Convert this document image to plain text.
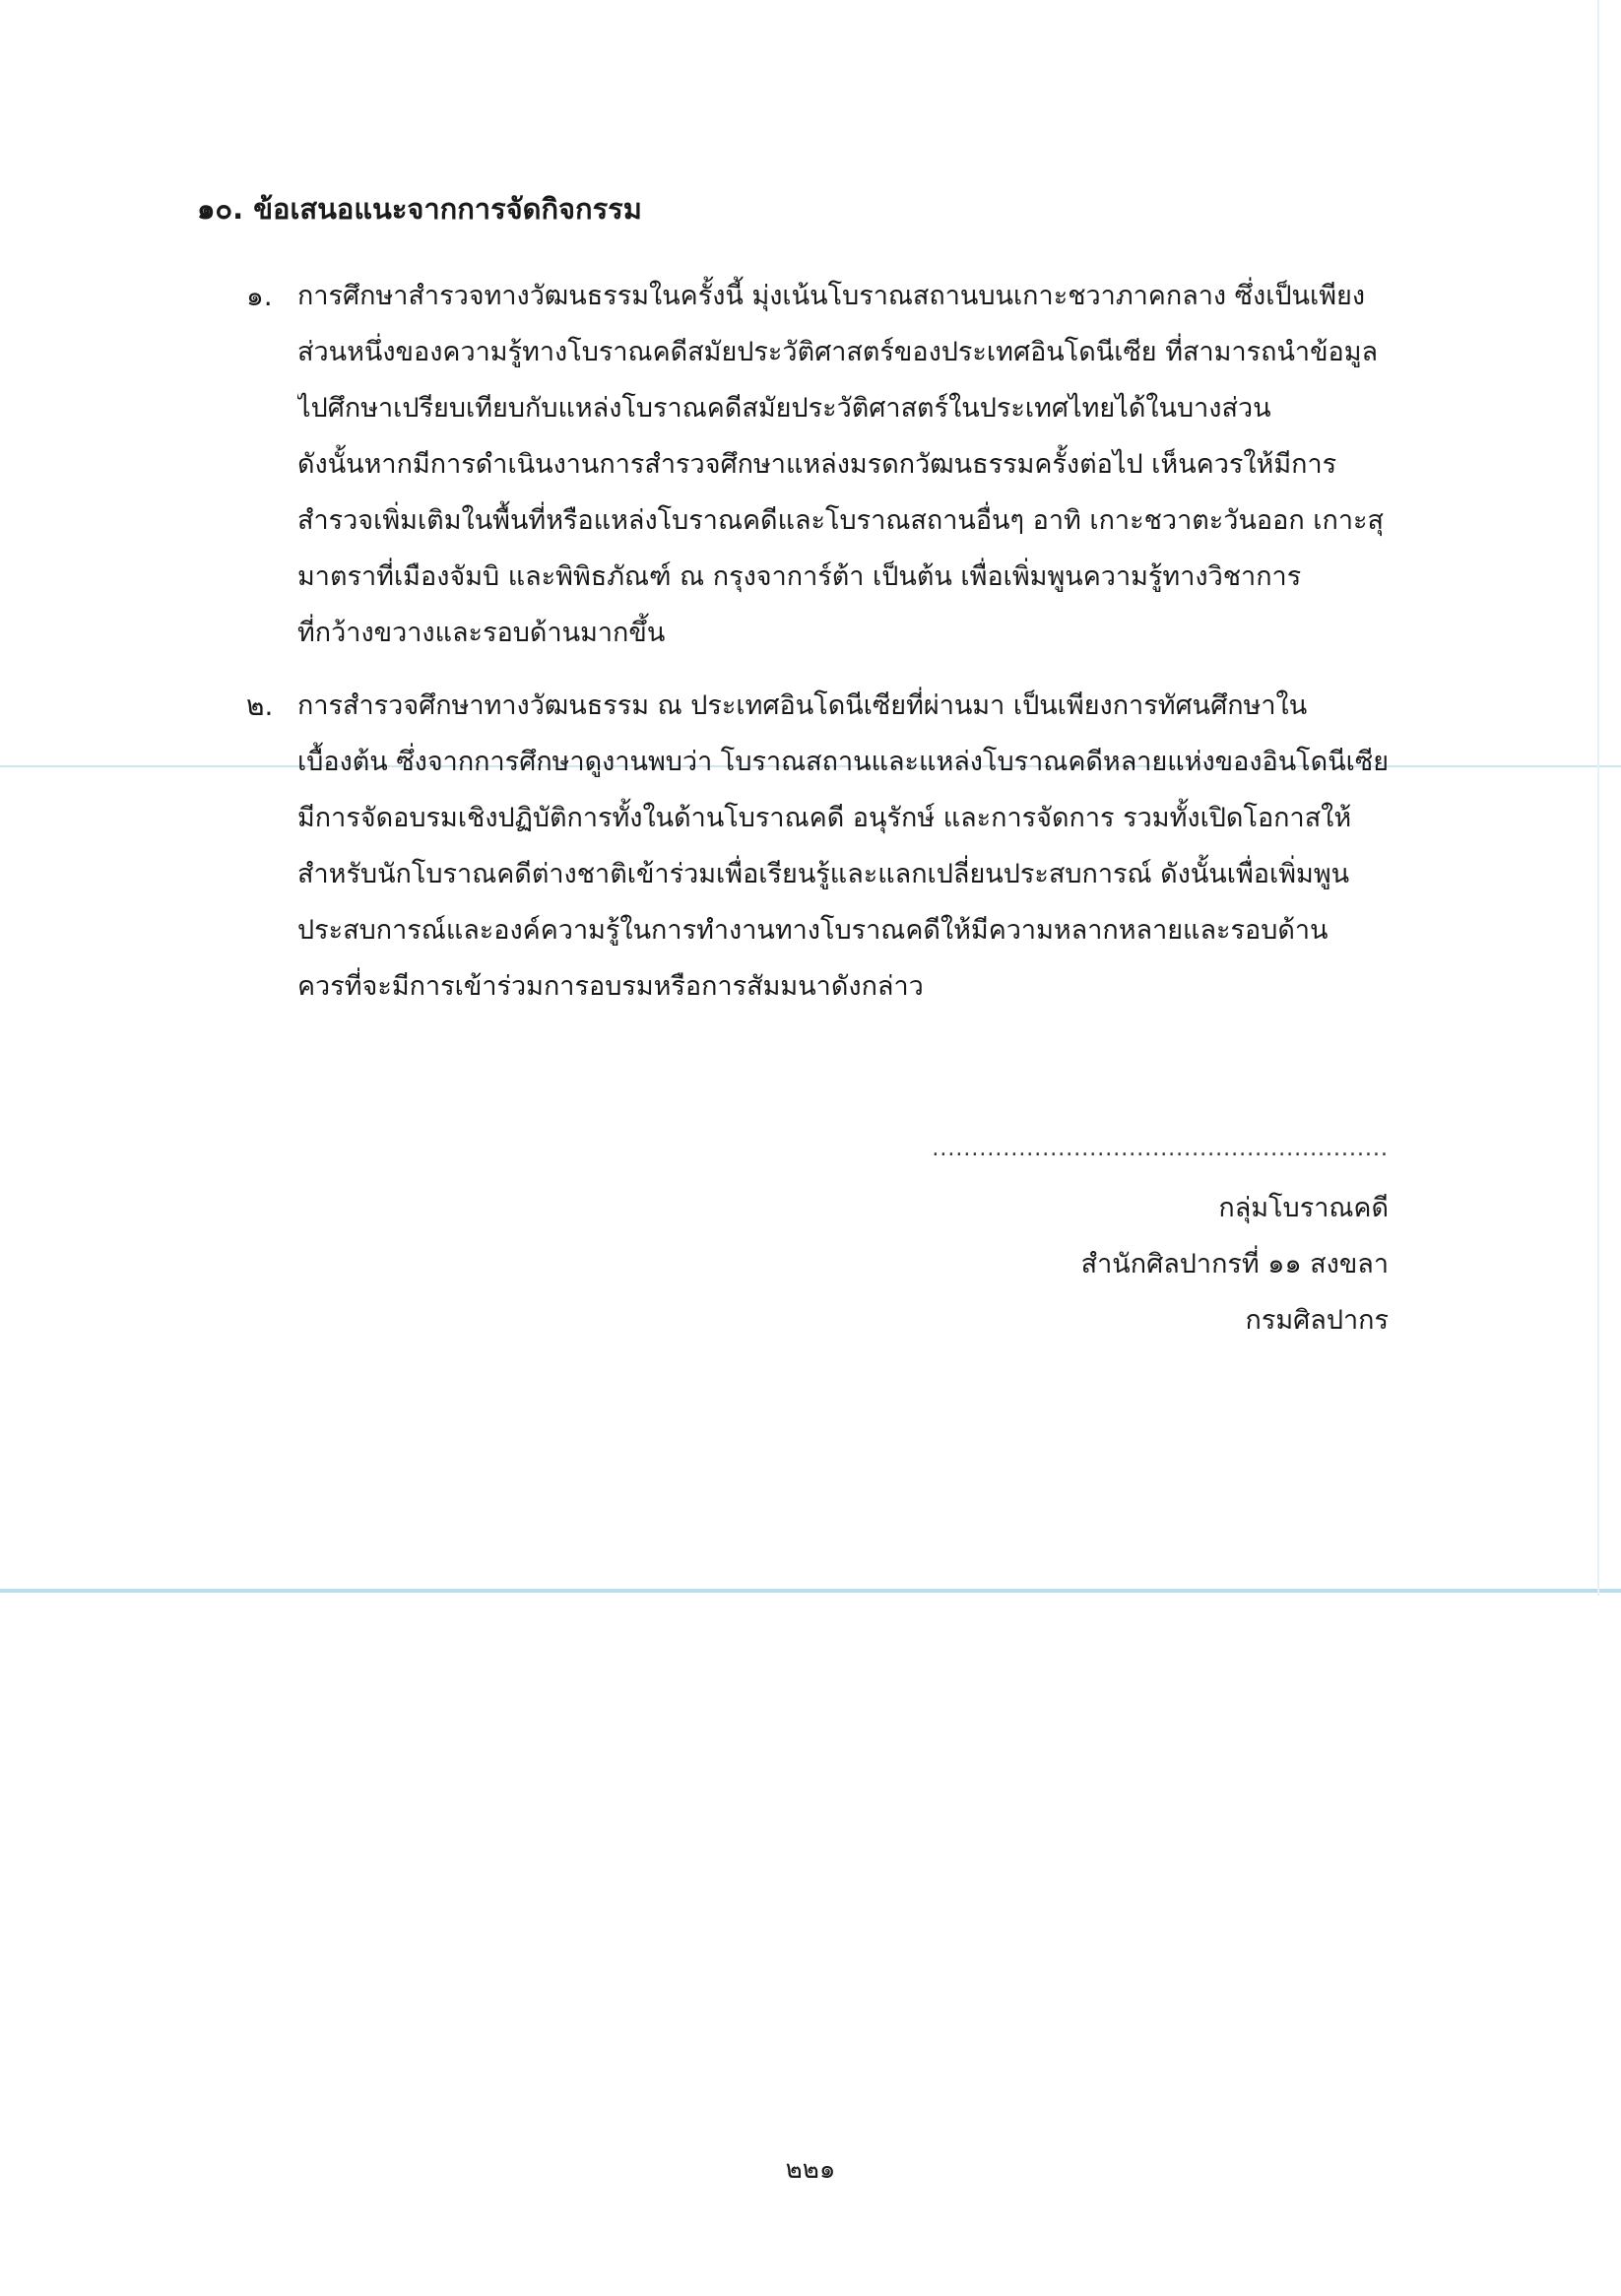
๑๐. ข้อเสนอแนะจากการจัดกิจกรรม
๑. การศึกษาสำรวจทางวัฒนธรรมในครั้งนี้ มุ่งเน้นโบราณสถานบนเกาะชวาภาคกลาง ซึ่งเป็นเพียง
ส่วนหนึ่งของความรู้ทางโบราณคดีสมัยประวัติศาสตร์ของประเทศอินโดนีเซีย ที่สามารถนำข้อมูล
ไปศึกษาเปรียบเทียบกับแหล่งโบราณคดีสมัยประวัติศาสตร์ในประเทศไทยได้ในบางส่วน
ดังนั้นหากมีการดำเนินงานการสำรวจศึกษาแหล่งมรดกวัฒนธรรมครั้งต่อไป เห็นควรให้มีการ
สำรวจเพิ่มเติมในพื้นที่หรือแหล่งโบราณคดีและโบราณสถานอื่นๆ อาทิ เกาะชวาตะวันออก เกาะสุ
มาตราที่เมืองจัมบิ และพิพิธภัณฑ์ ณ กรุงจาการ์ต้า เป็นต้น เพื่อเพิ่มพูนความรู้ทางวิชาการ
ที่กว้างขวางและรอบด้านมากขึ้น
๒. การสำรวจศึกษาทางวัฒนธรรม ณ ประเทศอินโดนีเซียที่ผ่านมา เป็นเพียงการทัศนศึกษาใน
เบื้องต้น ซึ่งจากการศึกษาดูงานพบว่า โบราณสถานและแหล่งโบราณคดีหลายแห่งของอินโดนีเซีย
มีการจัดอบรมเชิงปฏิบัติการทั้งในด้านโบราณคดี อนุรักษ์ และการจัดการ รวมทั้งเปิดโอกาสให้
สำหรับนักโบราณคดีต่างชาติเข้าร่วมเพื่อเรียนรู้และแลกเปลี่ยนประสบการณ์ ดังนั้นเพื่อเพิ่มพูน
ประสบการณ์และองค์ความรู้ในการทำงานทางโบราณคดีให้มีความหลากหลายและรอบด้าน
ควรที่จะมีการเข้าร่วมการอบรมหรือการสัมมนาดังกล่าว
..........................................................
กลุ่มโบราณคดี
สำนักศิลปากรที่ ๑๑ สงขลา
กรมศิลปากร
๒๒๑
